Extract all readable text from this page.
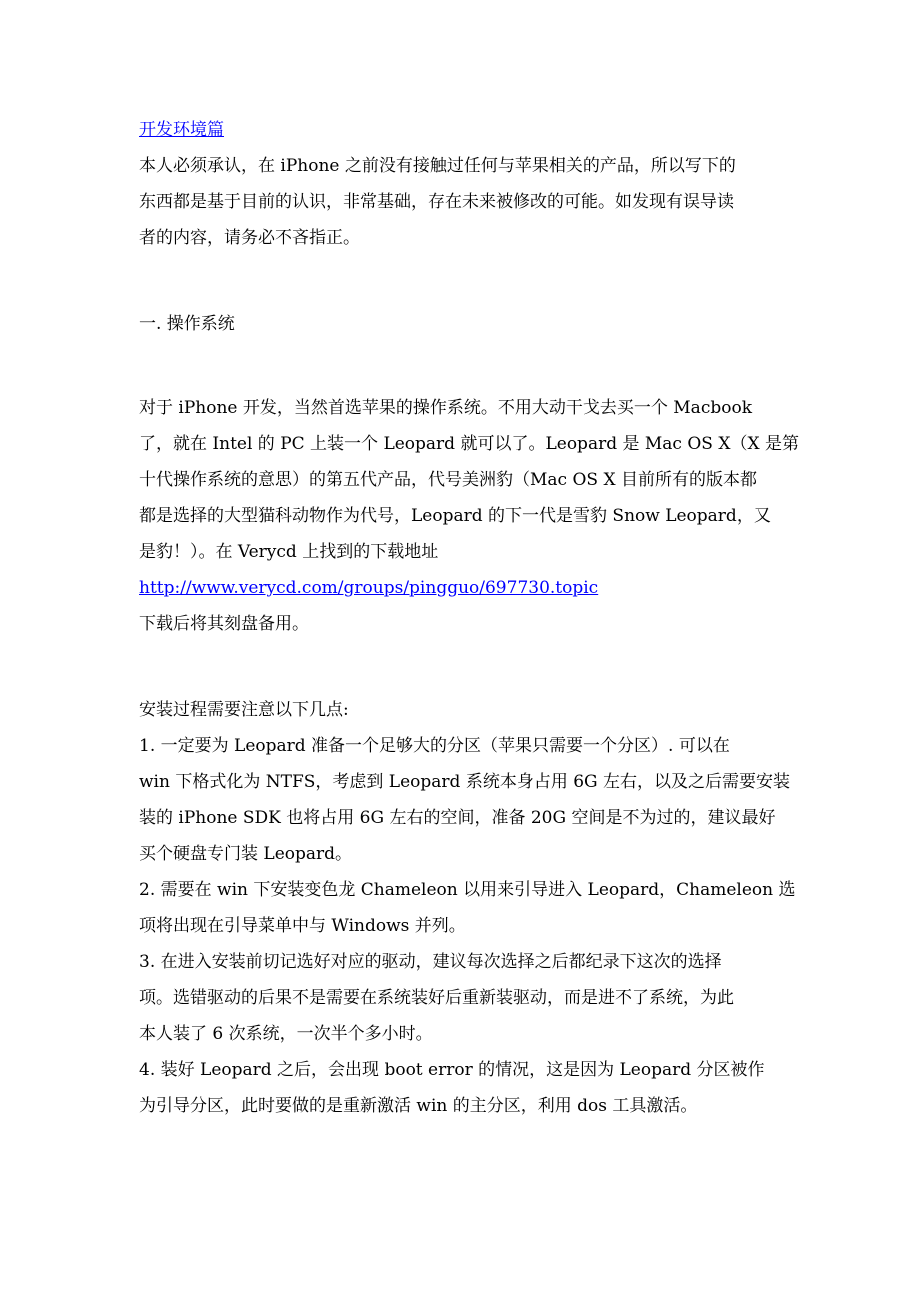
开发环境篇
本人必须承认，在 iPhone 之前没有接触过任何与苹果相关的产品，所以写下的
东西都是基于目前的认识，非常基础，存在未来被修改的可能。如发现有误导读
者的内容，请务必不吝指正。
一. 操作系统
对于 iPhone 开发，当然首选苹果的操作系统。不用大动干戈去买一个 Macbook
了，就在 Intel 的 PC 上装一个 Leopard 就可以了。Leopard 是 Mac OS X（X 是第
十代操作系统的意思）的第五代产品，代号美洲豹（Mac OS X 目前所有的版本都
都是选择的大型猫科动物作为代号，Leopard 的下一代是雪豹 Snow Leopard，又
是豹！）。在 Verycd 上找到的下载地址
http://www.verycd.com/groups/pingguo/697730.topic
下载后将其刻盘备用。
安装过程需要注意以下几点:
1. 一定要为 Leopard 准备一个足够大的分区（苹果只需要一个分区）. 可以在
win 下格式化为 NTFS，考虑到 Leopard 系统本身占用 6G 左右，以及之后需要安装
装的 iPhone SDK 也将占用 6G 左右的空间，准备 20G 空间是不为过的，建议最好
买个硬盘专门装 Leopard。
2. 需要在 win 下安装变色龙 Chameleon 以用来引导进入 Leopard，Chameleon 选
项将出现在引导菜单中与 Windows 并列。
3. 在进入安装前切记选好对应的驱动，建议每次选择之后都纪录下这次的选择
项。选错驱动的后果不是需要在系统装好后重新装驱动，而是进不了系统，为此
本人装了 6 次系统，一次半个多小时。
4. 装好 Leopard 之后，会出现 boot error 的情况，这是因为 Leopard 分区被作
为引导分区，此时要做的是重新激活 win 的主分区，利用 dos 工具激活。
